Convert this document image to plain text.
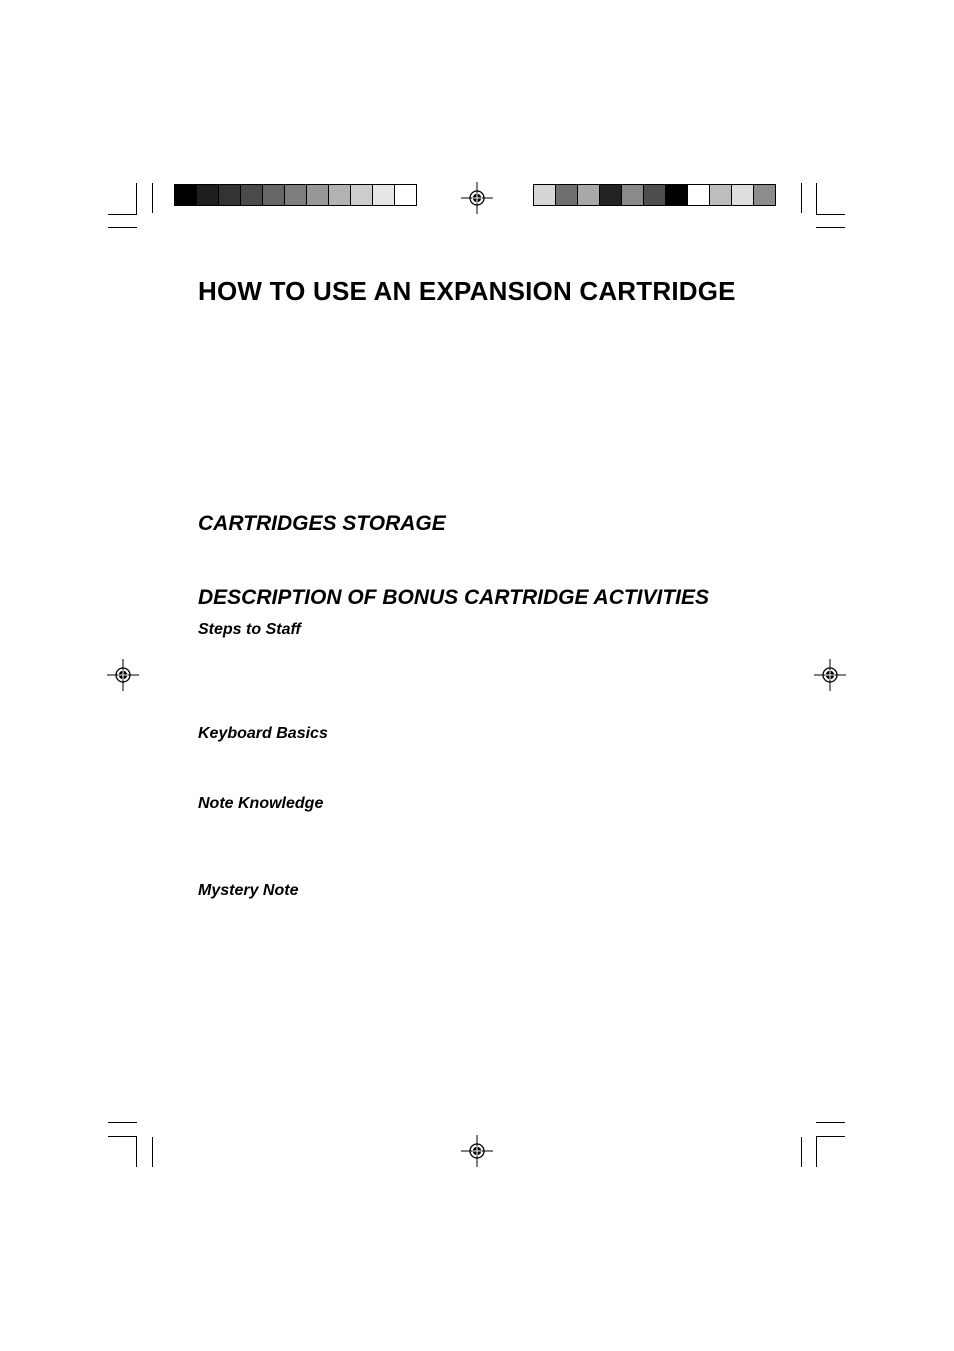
HOW TO USE AN EXPANSION CARTRIDGE
CARTRIDGES STORAGE
DESCRIPTION OF BONUS CARTRIDGE ACTIVITIES
Steps to Staff
Keyboard Basics
Note Knowledge
Mystery Note
